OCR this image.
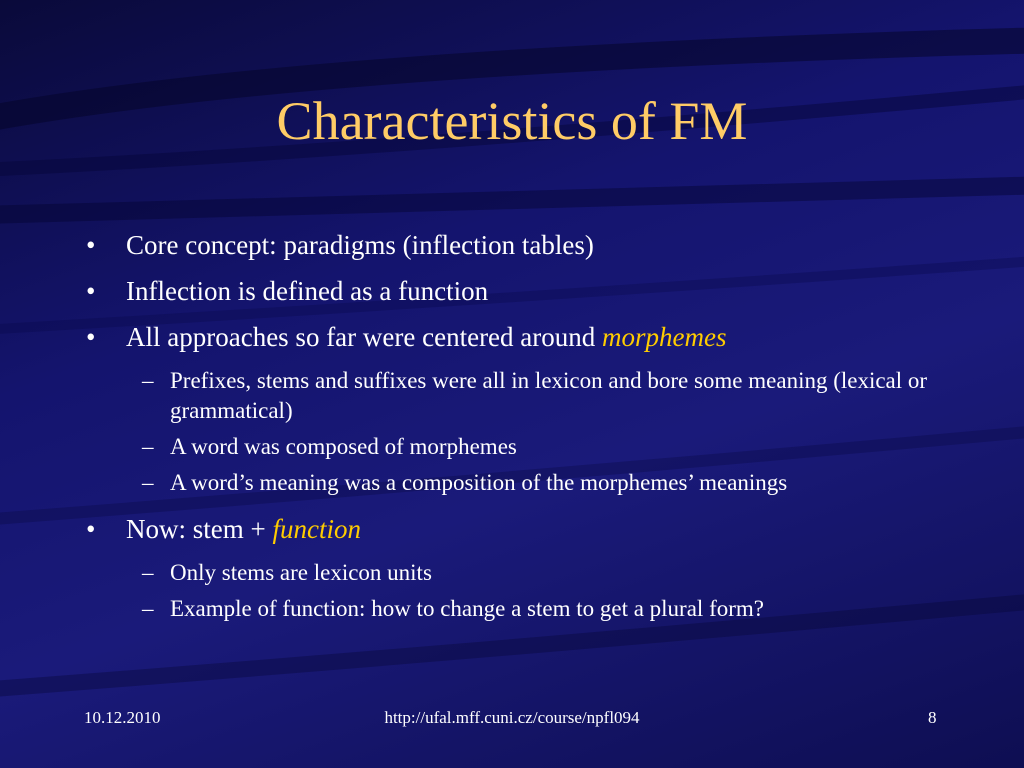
Characteristics of FM
• Core concept: paradigms (inflection tables)
• Inflection is defined as a function
• All approaches so far were centered around morphemes
– Prefixes, stems and suffixes were all in lexicon and bore some meaning (lexical or grammatical)
– A word was composed of morphemes
– A word’s meaning was a composition of the morphemes’ meanings
• Now: stem + function
– Only stems are lexicon units
– Example of function: how to change a stem to get a plural form?
10.12.2010	http://ufal.mff.cuni.cz/course/npfl094	8
